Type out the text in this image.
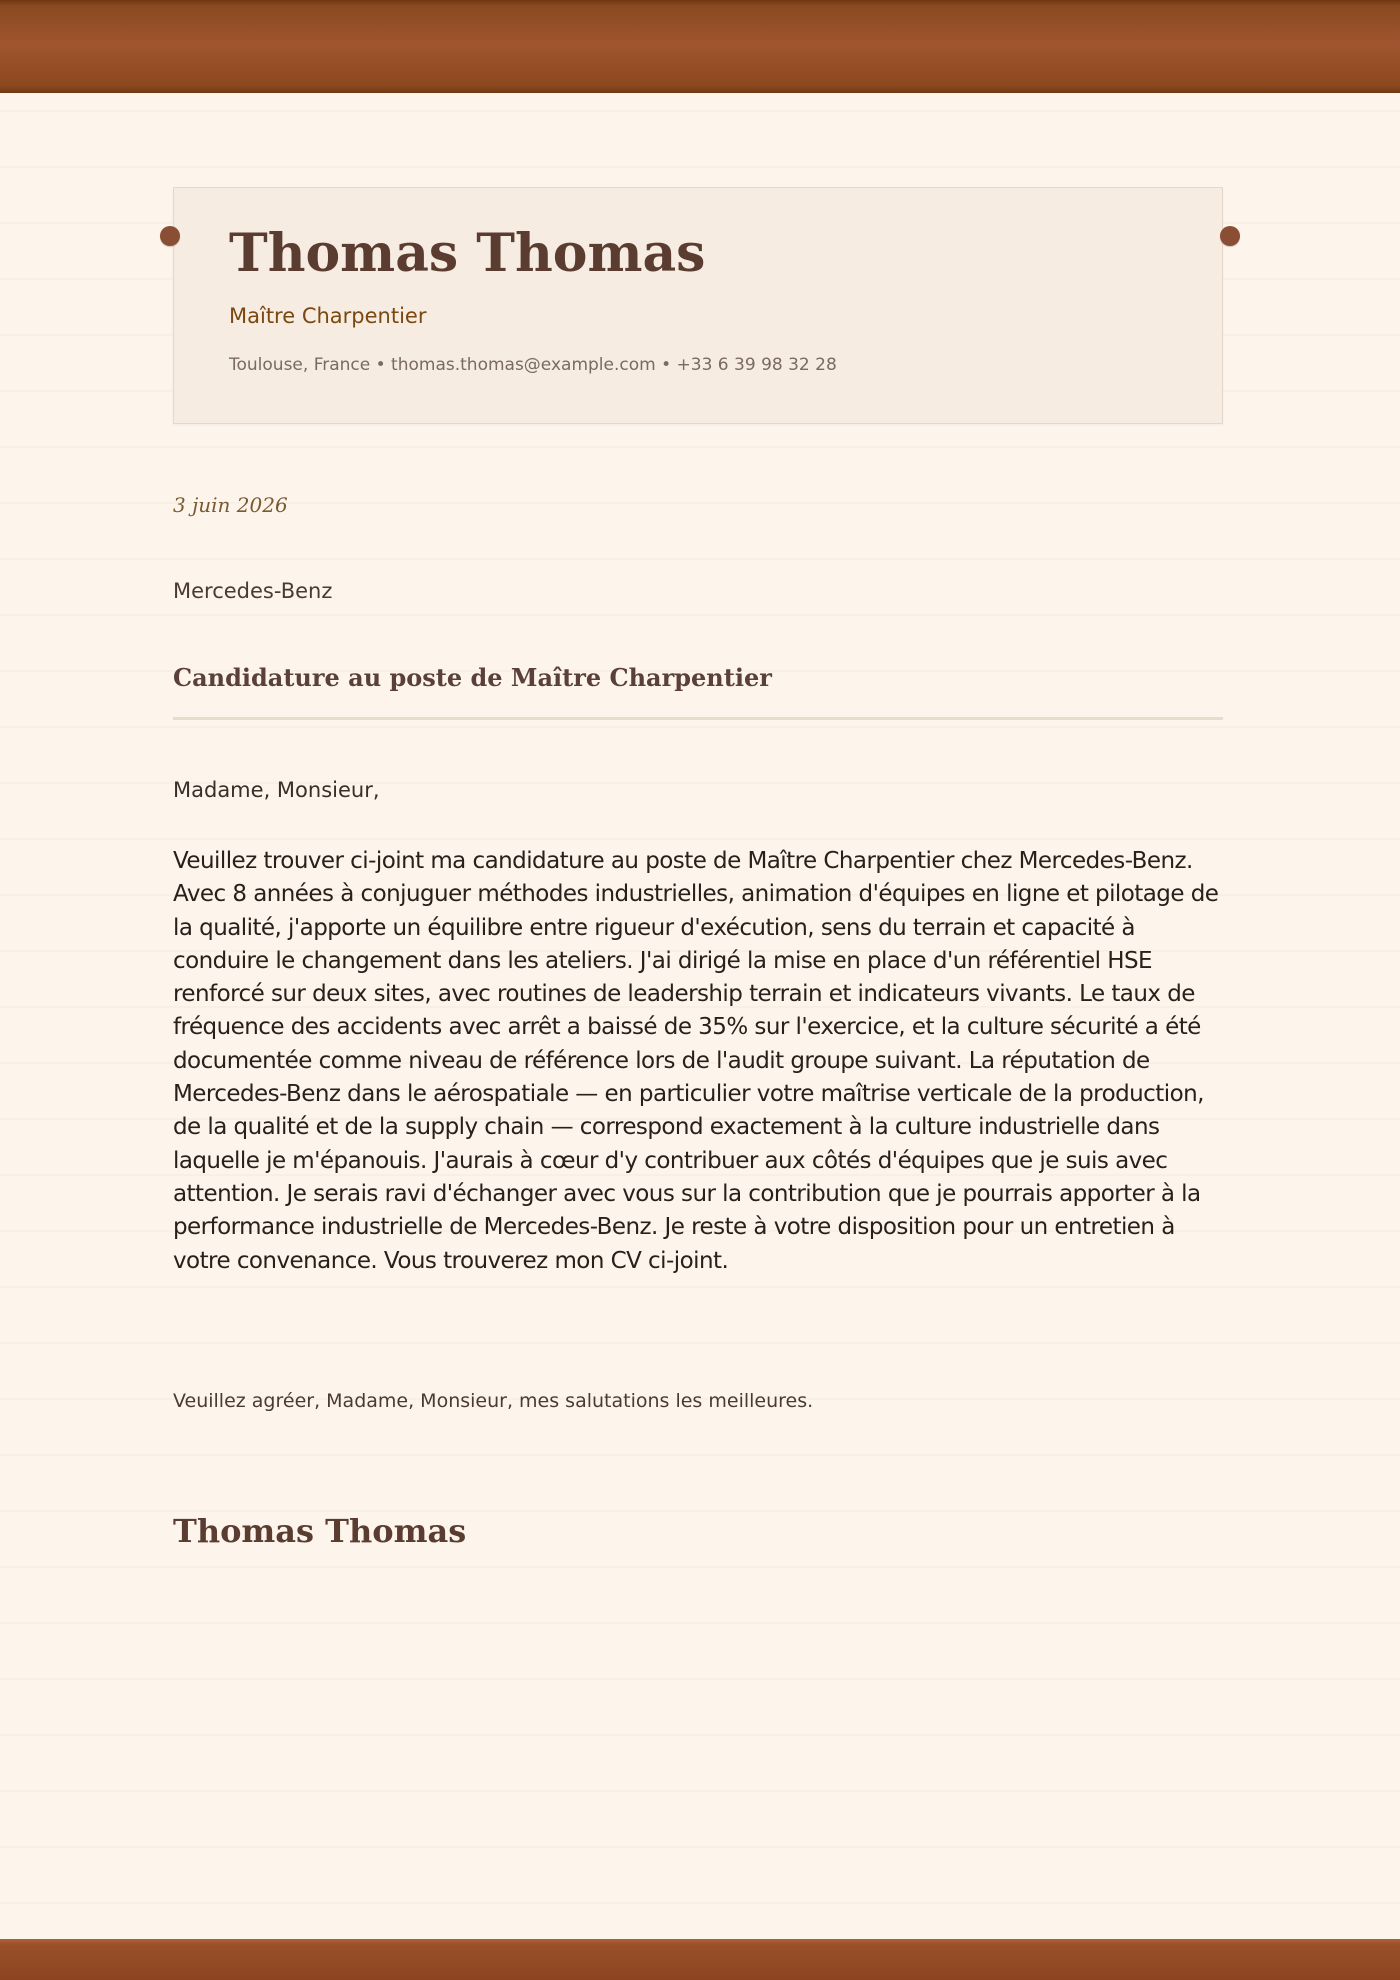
Thomas Thomas
Maître Charpentier
Toulouse, France • thomas.thomas@example.com • +33 6 39 98 32 28
3 juin 2026
Mercedes-Benz
Candidature au poste de Maître Charpentier
Madame, Monsieur,

Veuillez trouver ci-joint ma candidature au poste de Maître Charpentier chez Mercedes-Benz. Avec 8 années à conjuguer méthodes industrielles, animation d'équipes en ligne et pilotage de la qualité, j'apporte un équilibre entre rigueur d'exécution, sens du terrain et capacité à conduire le changement dans les ateliers. J'ai dirigé la mise en place d'un référentiel HSE renforcé sur deux sites, avec routines de leadership terrain et indicateurs vivants. Le taux de fréquence des accidents avec arrêt a baissé de 35% sur l'exercice, et la culture sécurité a été documentée comme niveau de référence lors de l'audit groupe suivant. La réputation de Mercedes-Benz dans le aérospatiale — en particulier votre maîtrise verticale de la production, de la qualité et de la supply chain — correspond exactement à la culture industrielle dans laquelle je m'épanouis. J'aurais à cœur d'y contribuer aux côtés d'équipes que je suis avec attention. Je serais ravi d'échanger avec vous sur la contribution que je pourrais apporter à la performance industrielle de Mercedes-Benz. Je reste à votre disposition pour un entretien à votre convenance. Vous trouverez mon CV ci-joint.

Veuillez agréer, Madame, Monsieur, mes salutations les meilleures.
Thomas Thomas
